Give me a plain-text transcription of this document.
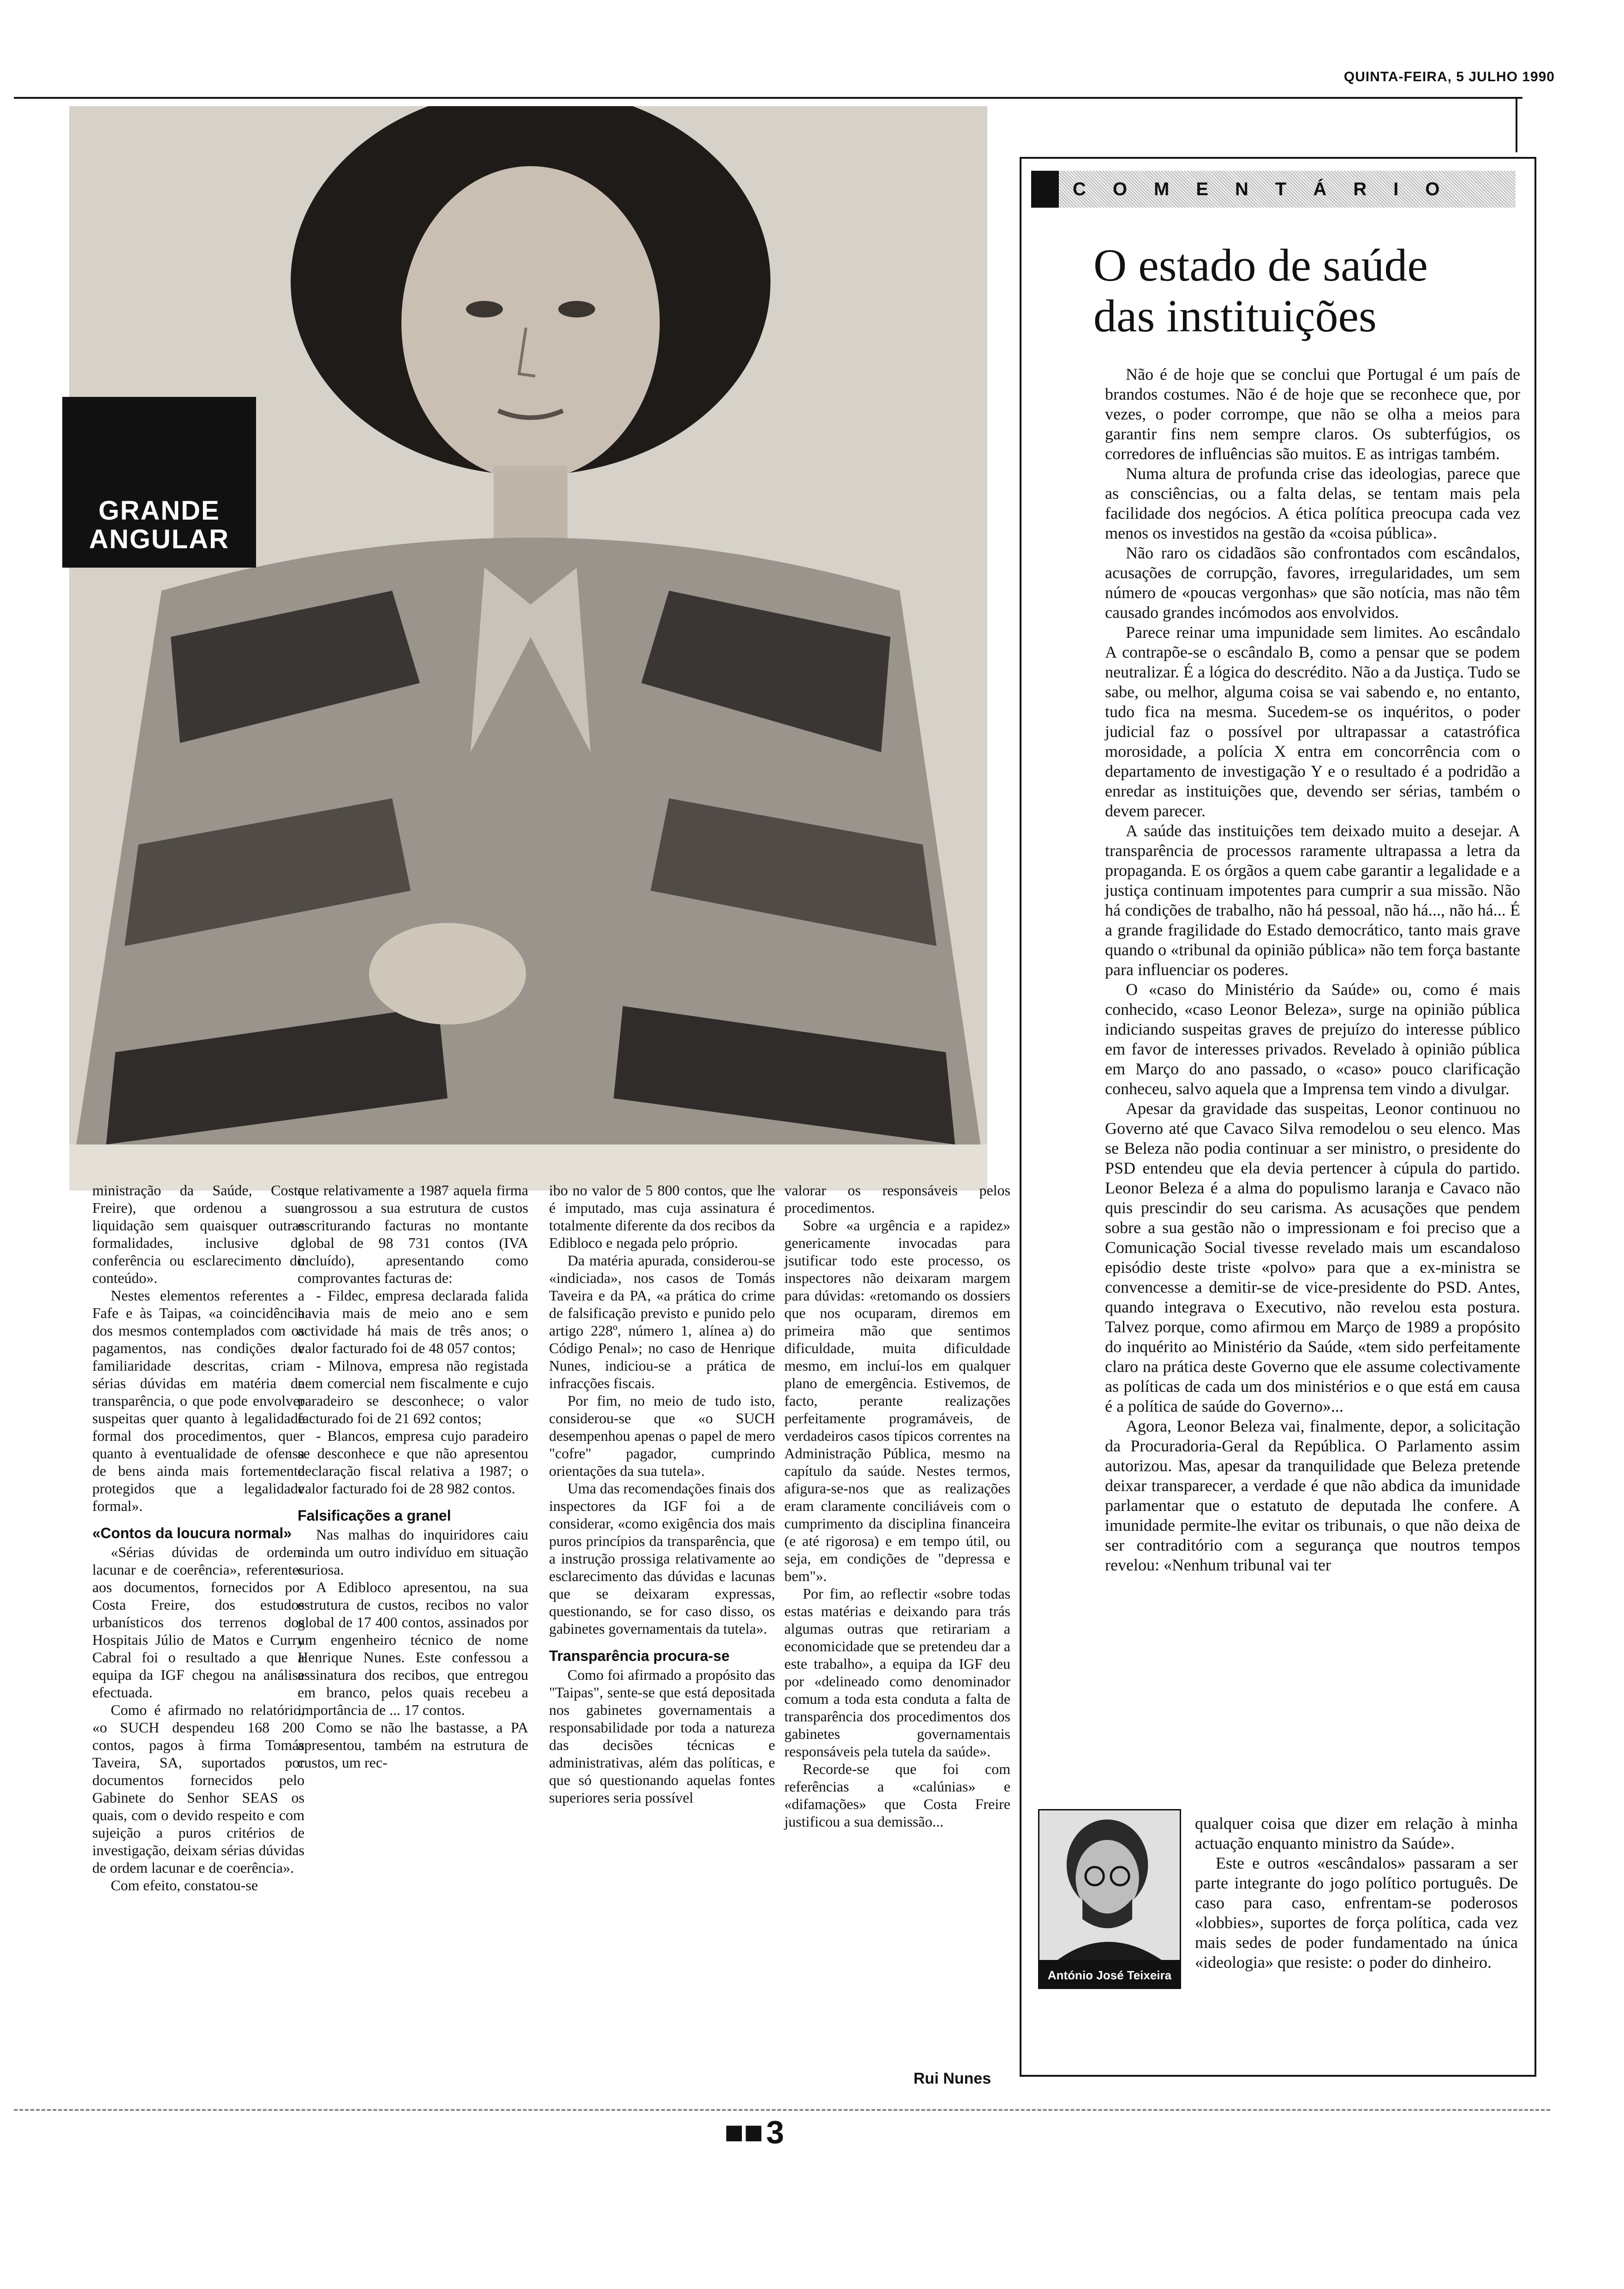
QUINTA-FEIRA, 5 JULHO 1990
GRANDE
ANGULAR
COMENTÁRIO
O estado de saúde
das instituições

Não é de hoje que se conclui que Portugal é um país de brandos costumes. Não é de hoje que se reconhece que, por vezes, o poder corrompe, que não se olha a meios para garantir fins nem sempre claros. Os subterfúgios, os corredores de influências são muitos. E as intrigas também.

Numa altura de profunda crise das ideologias, parece que as consciências, ou a falta delas, se tentam mais pela facilidade dos negócios. A ética política preocupa cada vez menos os investidos na gestão da «coisa pública».

Não raro os cidadãos são confrontados com escândalos, acusações de corrupção, favores, irregularidades, um sem número de «poucas vergonhas» que são notícia, mas não têm causado grandes incómodos aos envolvidos.

Parece reinar uma impunidade sem limites. Ao escândalo A contrapõe-se o escândalo B, como a pensar que se podem neutralizar. É a lógica do descrédito. Não a da Justiça. Tudo se sabe, ou melhor, alguma coisa se vai sabendo e, no entanto, tudo fica na mesma. Sucedem-se os inquéritos, o poder judicial faz o possível por ultrapassar a catastrófica morosidade, a polícia X entra em concorrência com o departamento de investigação Y e o resultado é a podridão a enredar as instituições que, devendo ser sérias, também o devem parecer.

A saúde das instituições tem deixado muito a desejar. A transparência de processos raramente ultrapassa a letra da propaganda. E os órgãos a quem cabe garantir a legalidade e a justiça continuam impotentes para cumprir a sua missão. Não há condições de trabalho, não há pessoal, não há..., não há... É a grande fragilidade do Estado democrático, tanto mais grave quando o «tribunal da opinião pública» não tem força bastante para influenciar os poderes.

O «caso do Ministério da Saúde» ou, como é mais conhecido, «caso Leonor Beleza», surge na opinião pública indiciando suspeitas graves de prejuízo do interesse público em favor de interesses privados. Revelado à opinião pública em Março do ano passado, o «caso» pouco clarificação conheceu, salvo aquela que a Imprensa tem vindo a divulgar.

Apesar da gravidade das suspeitas, Leonor continuou no Governo até que Cavaco Silva remodelou o seu elenco. Mas se Beleza não podia continuar a ser ministro, o presidente do PSD entendeu que ela devia pertencer à cúpula do partido. Leonor Beleza é a alma do populismo laranja e Cavaco não quis prescindir do seu carisma. As acusações que pendem sobre a sua gestão não o impressionam e foi preciso que a Comunicação Social tivesse revelado mais um escandaloso episódio deste triste «polvo» para que a ex-ministra se convencesse a demitir-se de vice-presidente do PSD. Antes, quando integrava o Executivo, não revelou esta postura. Talvez porque, como afirmou em Março de 1989 a propósito do inquérito ao Ministério da Saúde, «tem sido perfeitamente claro na prática deste Governo que ele assume colectivamente as políticas de cada um dos ministérios e o que está em causa é a política de saúde do Governo»...

Agora, Leonor Beleza vai, finalmente, depor, a solicitação da Procuradoria-Geral da República. O Parlamento assim autorizou. Mas, apesar da tranquilidade que Beleza pretende deixar transparecer, a verdade é que não abdica da imunidade parlamentar que o estatuto de deputada lhe confere. A imunidade permite-lhe evitar os tribunais, o que não deixa de ser contraditório com a segurança que noutros tempos revelou: «Nenhum tribunal vai ter

António José Teixeira

qualquer coisa que dizer em relação à minha actuação enquanto ministro da Saúde».

Este e outros «escândalos» passaram a ser parte integrante do jogo político português. De caso para caso, enfrentam-se poderosos «lobbies», suportes de força política, cada vez mais sedes de poder fundamentado na única «ideologia» que resiste: o poder do dinheiro.

ministração da Saúde, Costa Freire), que ordenou a sua liquidação sem quaisquer outras formalidades, inclusive de conferência ou esclarecimento do conteúdo».

Nestes elementos referentes a Fafe e às Taipas, «a coincidência dos mesmos contemplados com os pagamentos, nas condições de familiaridade descritas, criam sérias dúvidas em matéria de transparência, o que pode envolver suspeitas quer quanto à legalidade formal dos procedimentos, quer quanto à eventualidade de ofensa de bens ainda mais fortemente protegidos que a legalidade formal».

«Contos da loucura normal»

«Sérias dúvidas de ordem lacunar e de coerência», referentes aos documentos, fornecidos por Costa Freire, dos estudos urbanísticos dos terrenos dos Hospitais Júlio de Matos e Curry Cabral foi o resultado a que a equipa da IGF chegou na análise efectuada.

Como é afirmado no relatório, «o SUCH despendeu 168 200 contos, pagos à firma Tomás Taveira, SA, suportados por documentos fornecidos pelo Gabinete do Senhor SEAS os quais, com o devido respeito e com sujeição a puros critérios de investigação, deixam sérias dúvidas de ordem lacunar e de coerência».

Com efeito, constatou-se

que relativamente a 1987 aquela firma engrossou a sua estrutura de custos escriturando facturas no montante global de 98 731 contos (IVA incluído), apresentando como comprovantes facturas de:

- Fildec, empresa declarada falida havia mais de meio ano e sem actividade há mais de três anos; o valor facturado foi de 48 057 contos;

- Milnova, empresa não registada nem comercial nem fiscalmente e cujo paradeiro se desconhece; o valor facturado foi de 21 692 contos;

- Blancos, empresa cujo paradeiro se desconhece e que não apresentou declaração fiscal relativa a 1987; o valor facturado foi de 28 982 contos.

Falsificações a granel

Nas malhas do inquiridores caiu ainda um outro indivíduo em situação curiosa.

A Edibloco apresentou, na sua estrutura de custos, recibos no valor global de 17 400 contos, assinados por um engenheiro técnico de nome Henrique Nunes. Este confessou a assinatura dos recibos, que entregou em branco, pelos quais recebeu a importância de ... 17 contos.

Como se não lhe bastasse, a PA apresentou, também na estrutura de custos, um rec-

ibo no valor de 5 800 contos, que lhe é imputado, mas cuja assinatura é totalmente diferente da dos recibos da Edibloco e negada pelo próprio.

Da matéria apurada, considerou-se «indiciada», nos casos de Tomás Taveira e da PA, «a prática do crime de falsificação previsto e punido pelo artigo 228º, número 1, alínea a) do Código Penal»; no caso de Henrique Nunes, indiciou-se a prática de infracções fiscais.

Por fim, no meio de tudo isto, considerou-se que «o SUCH desempenhou apenas o papel de mero "cofre" pagador, cumprindo orientações da sua tutela».

Uma das recomendações finais dos inspectores da IGF foi a de considerar, «como exigência dos mais puros princípios da transparência, que a instrução prossiga relativamente ao esclarecimento das dúvidas e lacunas que se deixaram expressas, questionando, se for caso disso, os gabinetes governamentais da tutela».

Transparência procura-se

Como foi afirmado a propósito das "Taipas", sente-se que está depositada nos gabinetes governamentais a responsabilidade por toda a natureza das decisões técnicas e administrativas, além das políticas, e que só questionando aquelas fontes superiores seria possível

valorar os responsáveis pelos procedimentos.

Sobre «a urgência e a rapidez» genericamente invocadas para jsutificar todo este processo, os inspectores não deixaram margem para dúvidas: «retomando os dossiers que nos ocuparam, diremos em primeira mão que sentimos dificuldade, muita dificuldade mesmo, em incluí-los em qualquer plano de emergência. Estivemos, de facto, perante realizações perfeitamente programáveis, de verdadeiros casos típicos correntes na Administração Pública, mesmo na capítulo da saúde. Nestes termos, afigura-se-nos que as realizações eram claramente conciliáveis com o cumprimento da disciplina financeira (e até rigorosa) e em tempo útil, ou seja, em condições de "depressa e bem"».

Por fim, ao reflectir «sobre todas estas matérias e deixando para trás algumas outras que retirariam a economicidade que se pretendeu dar a este trabalho», a equipa da IGF deu por «delineado como denominador comum a toda esta conduta a falta de transparência dos procedimentos dos gabinetes governamentais responsáveis pela tutela da saúde».

Recorde-se que foi com referências a «calúnias» e «difamações» que Costa Freire justificou a sua demissão...

Rui Nunes
■■3
